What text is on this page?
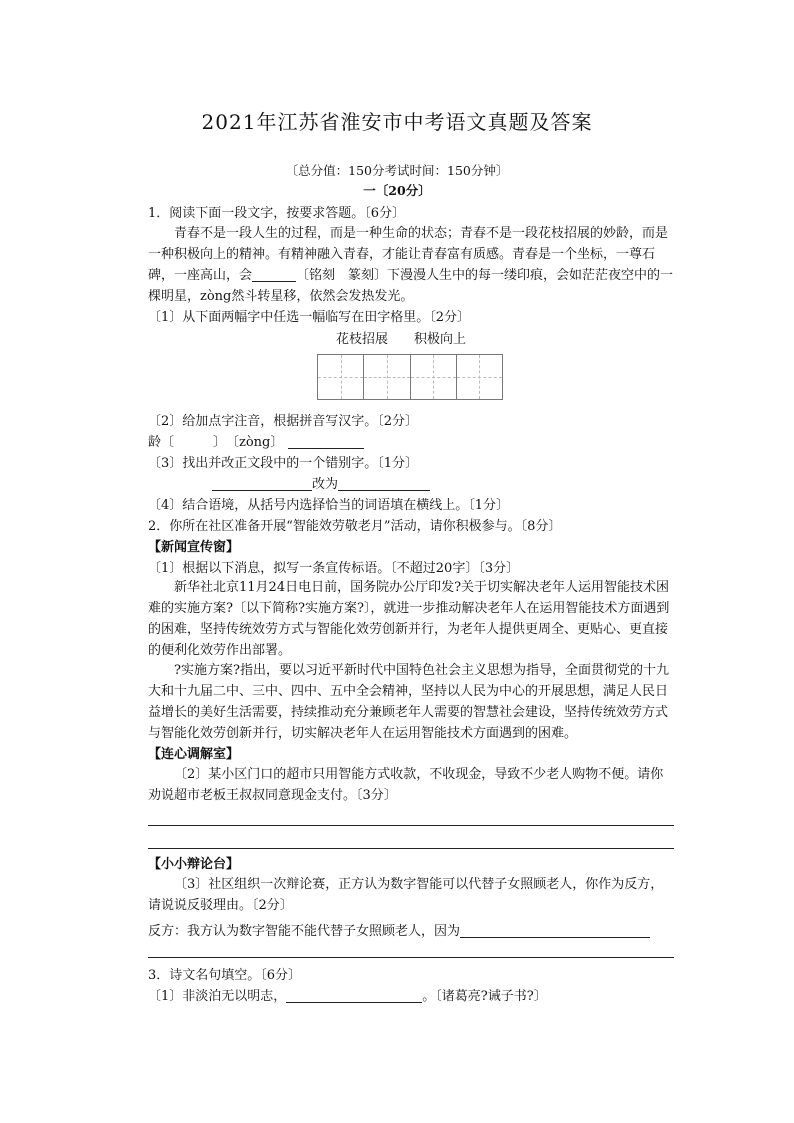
2021年江苏省淮安市中考语文真题及答案
〔总分值：150分考试时间：150分钟〕
一〔20分〕
1．阅读下面一段文字，按要求答题。〔6分〕
青春不是一段人生的过程，而是一种生命的状态；青春不是一段花枝招展的妙龄，而是一种积极向上的精神。有精神融入青春，才能让青春富有质感。青春是一个坐标，一尊石碑，一座高山，会	〔铭刻　篆刻〕下漫漫人生中的每一缕印痕，会如茫茫夜空中的一棵明星，zòng然斗转星移，依然会发热发光。
〔1〕从下面两幅字中任选一幅临写在田字格里。〔2分〕
花枝招展　　积极向上
〔2〕给加点字注音，根据拼音写汉字。〔2分〕
龄〔　　　〕　〔zòng〕
〔3〕找出并改正文段中的一个错别字。〔1分〕
改为
〔4〕结合语境，从括号内选择恰当的词语填在横线上。〔1分〕
2．你所在社区准备开展“智能效劳敬老月”活动，请你积极参与。〔8分〕
【新闻宣传窗】
〔1〕根据以下消息，拟写一条宣传标语。〔不超过20字〕〔3分〕
新华社北京11月24日电日前，国务院办公厅印发?关于切实解决老年人运用智能技术困难的实施方案?〔以下简称?实施方案?〕，就进一步推动解决老年人在运用智能技术方面遇到的困难，坚持传统效劳方式与智能化效劳创新并行，为老年人提供更周全、更贴心、更直接的便利化效劳作出部署。
?实施方案?指出，要以习近平新时代中国特色社会主义思想为指导，全面贯彻党的十九大和十九届二中、三中、四中、五中全会精神，坚持以人民为中心的开展思想，满足人民日益增长的美好生活需要，持续推动充分兼顾老年人需要的智慧社会建设，坚持传统效劳方式与智能化效劳创新并行，切实解决老年人在运用智能技术方面遇到的困难。
【连心调解室】
〔2〕某小区门口的超市只用智能方式收款，不收现金，导致不少老人购物不便。请你劝说超市老板王叔叔同意现金支付。〔3分〕
【小小辩论台】
〔3〕社区组织一次辩论赛，正方认为数字智能可以代替子女照顾老人，你作为反方，请说说反驳理由。〔2分〕
反方：我方认为数字智能不能代替子女照顾老人，因为
3．诗文名句填空。〔6分〕
〔1〕非淡泊无以明志，	。〔诸葛亮?诫子书?〕
